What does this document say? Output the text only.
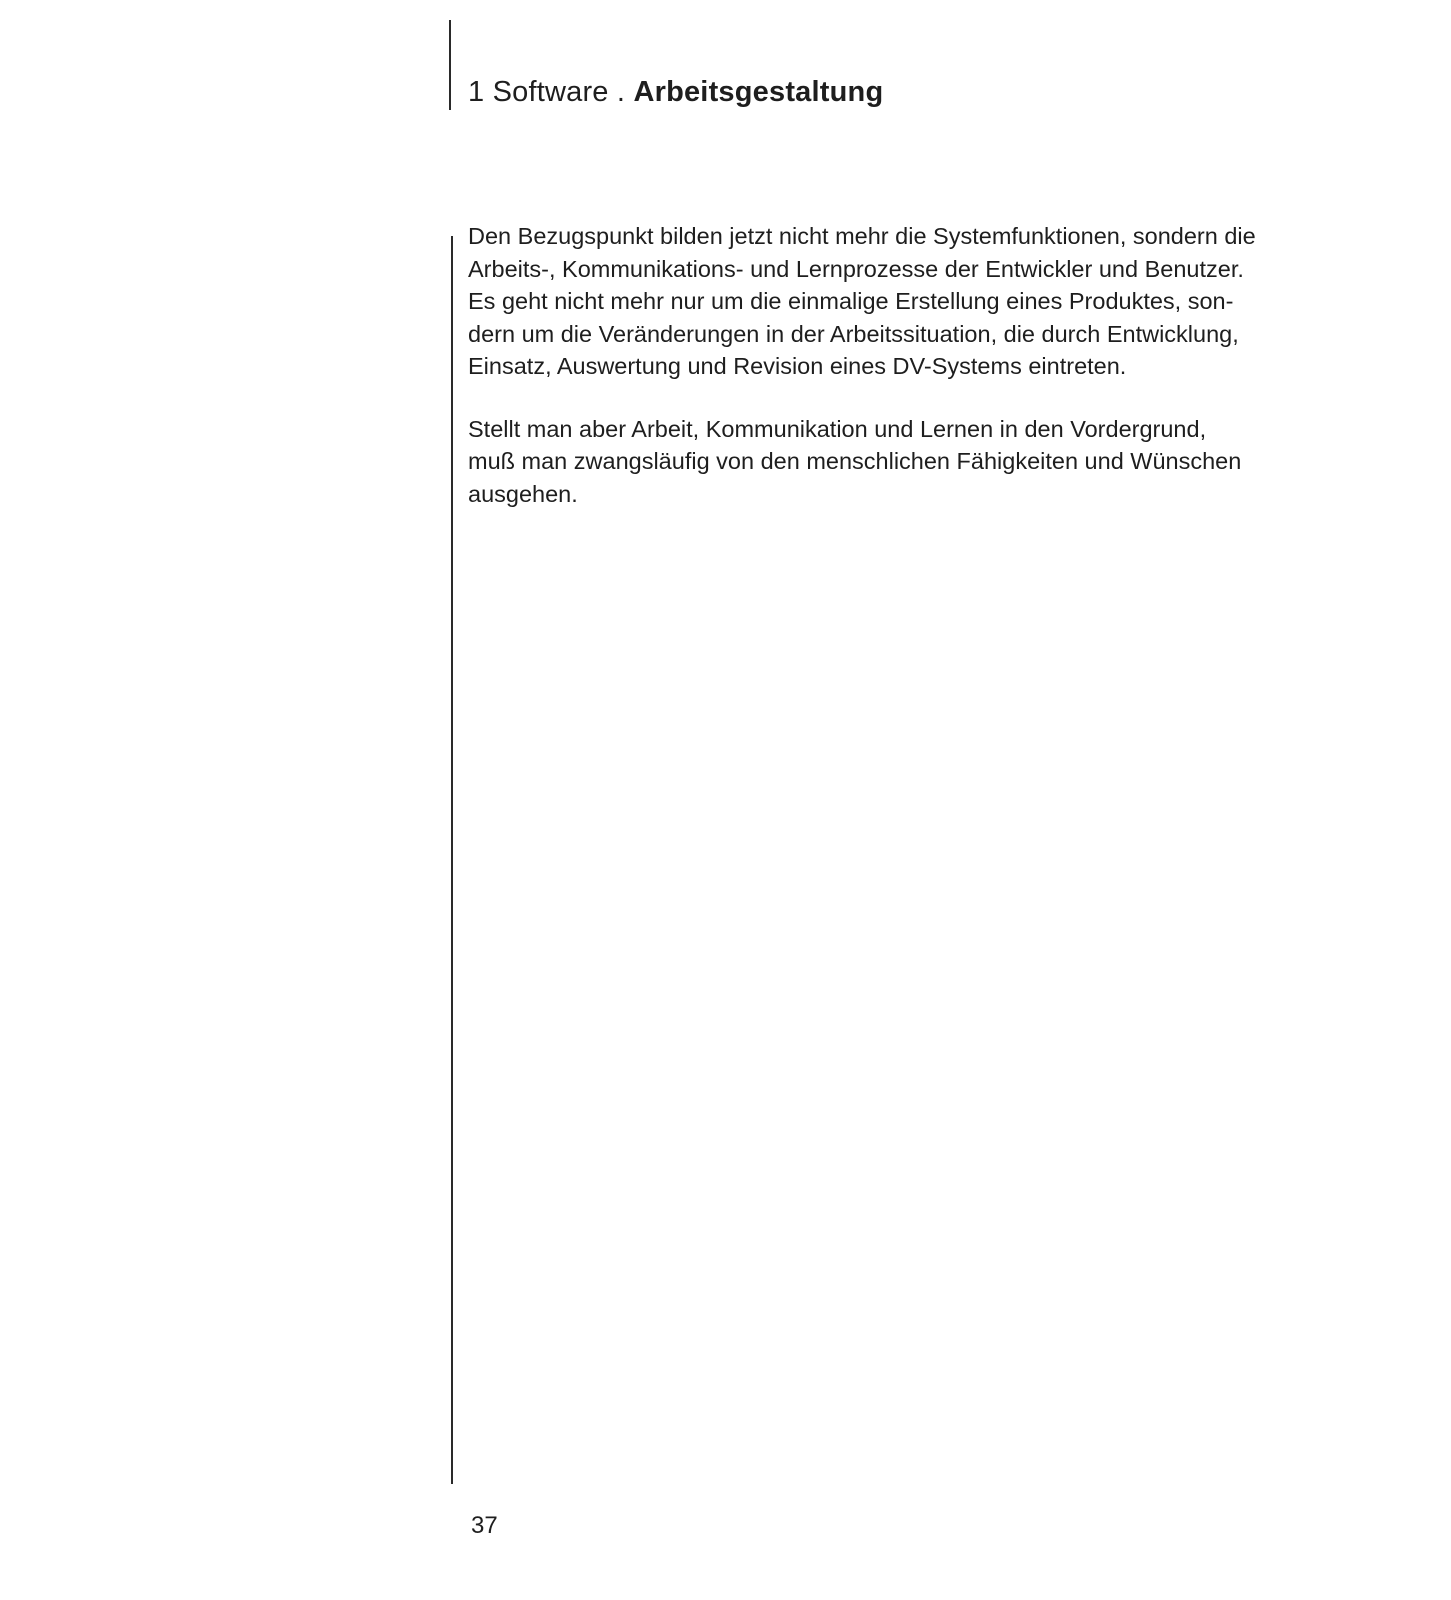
1 Software . Arbeitsgestaltung

Den Bezugspunkt bilden jetzt nicht mehr die Systemfunktionen, sondern die
Arbeits-, Kommunikations- und Lernprozesse der Entwickler und Benutzer.
Es geht nicht mehr nur um die einmalige Erstellung eines Produktes, son-
dern um die Veränderungen in der Arbeitssituation, die durch Entwicklung,
Einsatz, Auswertung und Revision eines DV-Systems eintreten.

Stellt man aber Arbeit, Kommunikation und Lernen in den Vordergrund,
muß man zwangsläufig von den menschlichen Fähigkeiten und Wünschen
ausgehen.

37
